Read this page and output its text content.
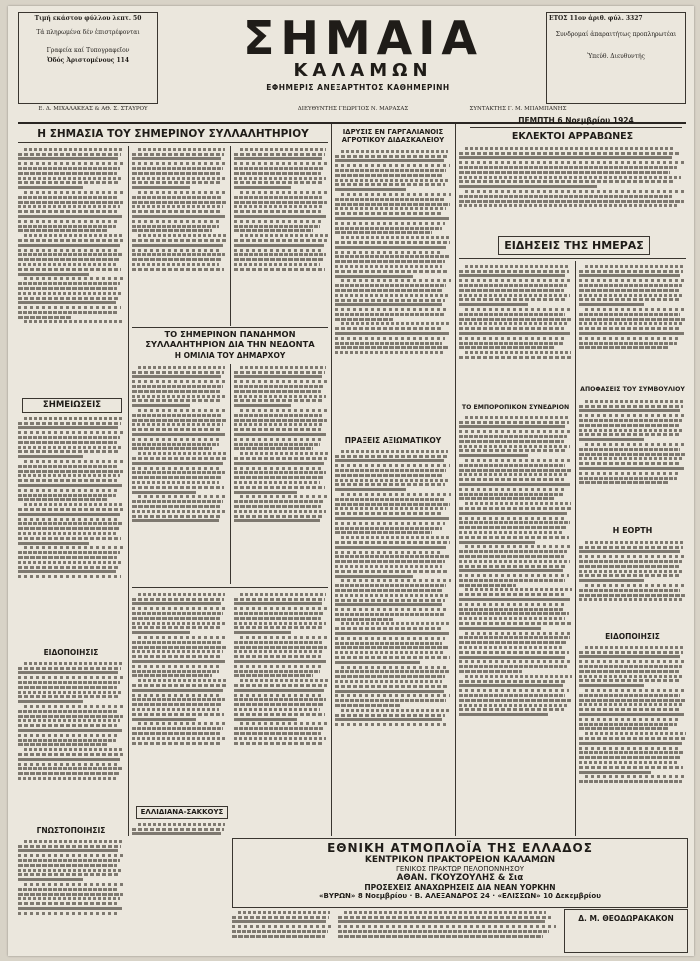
Τιμή εκάστου φύλλου λεπτ. 50
Τά πληρωμένα δέν ἐπιστρέφονται
Γραφεία καί Τυπογραφεῖον
Ὁδός Ἀριστομένους 114	ΣΗΜΑΙΑ
ΚΑΛΑΜΩΝ
ΕΦΗΜΕΡΙΣ ΑΝΕΞΑΡΤΗΤΟΣ ΚΑΘΗΜΕΡΙΝΗ
ΕΤΟΣ 11ον ἀριθ. φύλ. 3327
Συνδρομαί ἀπαραιτήτως προπληρωτέαι
Ὑπεύθ. Διευθυντής
Ε. Δ. ΜΙΧΑΛΑΚΕΑΣ & ΑΘ. Σ. ΣΤΑΥΡΟΥ	ΔΙΕΥΘΥΝΤΗΣ ΓΕΩΡΓΙΟΣ Ν. ΜΑΡΑΣΑΣ	ΣΥΝΤΑΚΤΗΣ Γ. Μ. ΜΠΑΜΠΑΝΗΣ
ΠΕΜΠΤΗ 6 Νοεμβρίου 1924
Η ΣΗΜΑΣΙΑ ΤΟΥ ΣΗΜΕΡΙΝΟΥ ΣΥΛΛΑΛΗΤΗΡΙΟΥ
ΣΗΜΕΙΩΣΕΙΣ
ΕΙΔΟΠΟΙΗΣΙΣ
ΓΝΩΣΤΟΠΟΙΗΣΙΣ
ΤΟ ΣΗΜΕΡΙΝΟΝ ΠΑΝΔΗΜΟΝ ΣΥΛΛΑΛΗΤΗΡΙΟΝ ΔΙΑ ΤΗΝ ΝΕΔΟΝΤΑ
Η ΟΜΙΛΙΑ ΤΟΥ ΔΗΜΑΡΧΟΥ
ΕΛΛΙΔΙΑΝΑ-ΣΑΚΚΟΥΣ
ΙΔΡΥΣΙΣ ΕΝ ΓΑΡΓΑΛΙΑΝΟΙΣ ΑΓΡΟΤΙΚΟΥ ΔΙΔΑΣΚΑΛΕΙΟΥ
ΠΡΑΞΕΙΣ ΑΞΙΩΜΑΤΙΚΟΥ
ΕΚΛΕΚΤΟΙ ΑΡΡΑΒΩΝΕΣ
ΕΙΔΗΣΕΙΣ ΤΗΣ ΗΜΕΡΑΣ
ΤΟ ΕΜΠΟΡΟΠΙΚΟΝ ΣΥΝΕΔΡΙΟΝ
ΑΠΟΦΑΣΕΙΣ ΤΟΥ ΣΥΜΒΟΥΛΙΟΥ
Η ΕΟΡΤΗ
ΕΙΔΟΠΟΙΗΣΙΣ
ΕΘΝΙΚΗ ΑΤΜΟΠΛΟΪΑ ΤΗΣ ΕΛΛΑΔΟΣ
ΚΕΝΤΡΙΚΟΝ ΠΡΑΚΤΟΡΕΙΟΝ ΚΑΛΑΜΩΝ
ΓΕΝΙΚΟΣ ΠΡΑΚΤΩΡ ΠΕΛΟΠΟΝΝΗΣΟΥ
ΑΘΑΝ. ΓΚΟΥΖΟΥΛΗΣ & Σια
ΠΡΟΣΕΧΕΙΣ ΑΝΑΧΩΡΗΣΕΙΣ ΔΙΑ ΝΕΑΝ ΥΟΡΚΗΝ
«ΒΥΡΩΝ» 8 Νοεμβρίου · Β. ΑΛΕΞΑΝΔΡΟΣ 24 · «ΕΛΙΣΣΩΝ» 10 Δεκεμβρίου
Δ. Μ. ΘΕΟΔΩΡΑΚΑΚΟΝ
